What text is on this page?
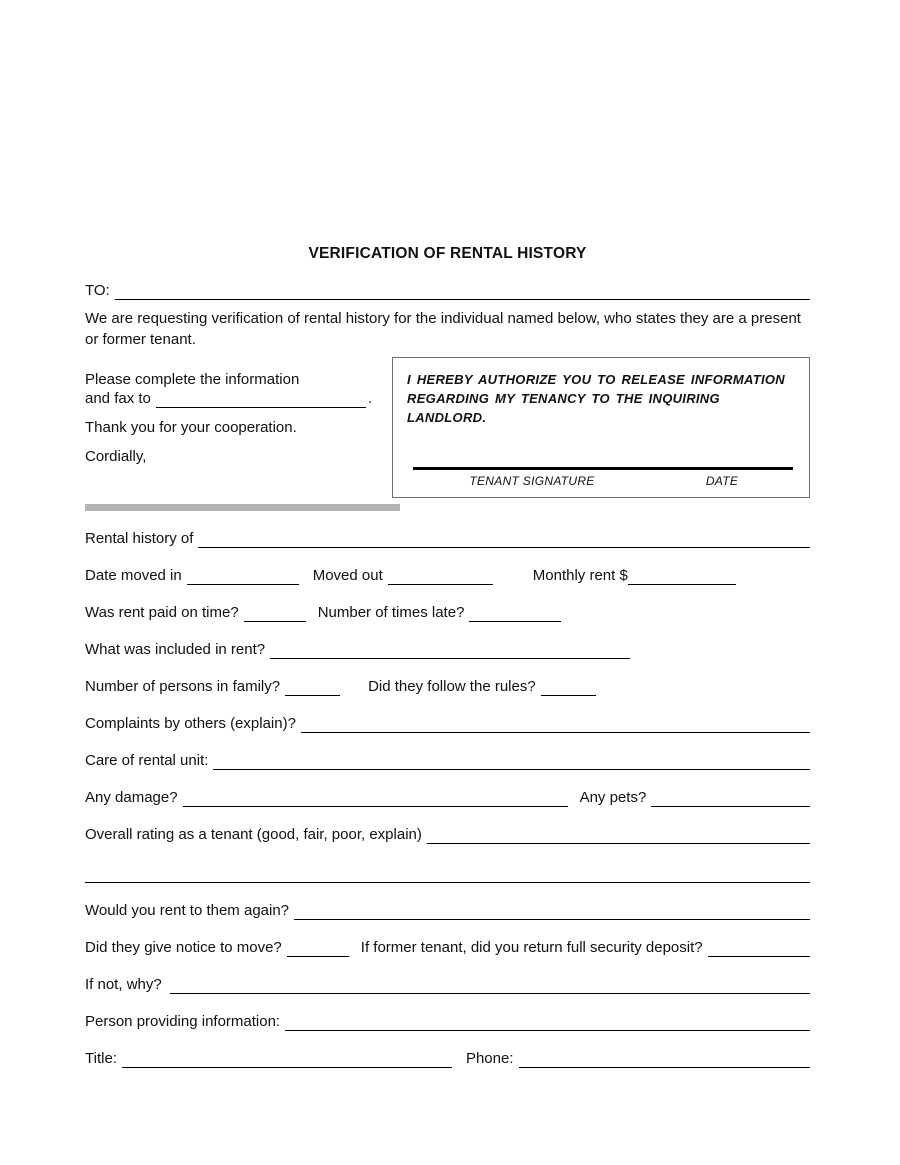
VERIFICATION OF RENTAL HISTORY
TO:
We are requesting verification of rental history for the individual named below, who states they are a present or former tenant.
Please complete the information
and fax to	.
Thank you for your cooperation.
Cordially,
I HEREBY AUTHORIZE YOU TO RELEASE INFORMATION
REGARDING MY TENANCY TO THE INQUIRING LANDLORD.
TENANT SIGNATURE	DATE
Rental history of
Date moved in	Moved out	Monthly rent $
Was rent paid on time?	Number of times late?
What was included in rent?
Number of persons in family?	Did they follow the rules?
Complaints by others (explain)?
Care of rental unit:
Any damage?	Any pets?
Overall rating as a tenant (good, fair, poor, explain)
Would you rent to them again?
Did they give notice to move?	If former tenant, did you return full security deposit?
If not, why?
Person providing information:
Title:	Phone:
